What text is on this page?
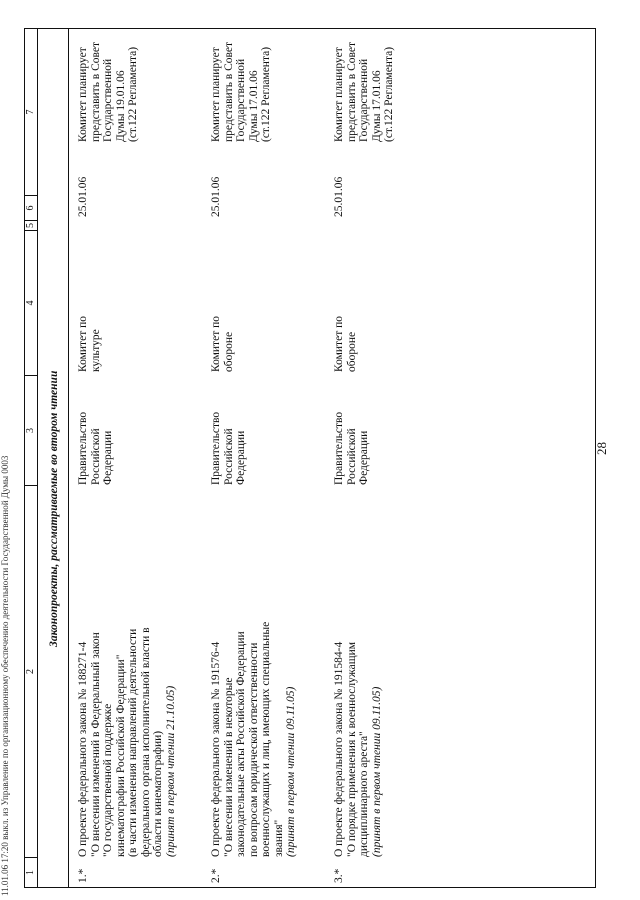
11.01.06 17:20 выкл. из Управление по организационному обеспечению деятельности Государственной Думы 0003
28
1
2
3
4
5
6
7
Законопроекты, рассматриваемые во втором чтении
1.*
О проекте федерального закона № 188271-4 "О внесении изменений в Федеральный закон "О государственной поддержке кинематографии Российской Федерации" (в части изменения направлений деятельности федерального органа исполнительной власти в области кинематографии) (принят в первом чтении 21.10.05)
Правительство Российской Федерации
Комитет по культуре
25.01.06
Комитет планирует представить в Совет Государственной Думы 19.01.06 (ст.122 Регламента)
2.*
О проекте федерального закона № 191576-4 "О внесении изменений в некоторые законодательные акты Российской Федерации по вопросам юридической ответственности военнослужащих и лиц, имеющих специальные звания" (принят в первом чтении 09.11.05)
Правительство Российской Федерации
Комитет по обороне
25.01.06
Комитет планирует представить в Совет Государственной Думы 17.01.06 (ст.122 Регламента)
3.*
О проекте федерального закона № 191584-4 "О порядке применения к военнослужащим дисциплинарного ареста" (принят в первом чтении 09.11.05)
Правительство Российской Федерации
Комитет по обороне
25.01.06
Комитет планирует представить в Совет Государственной Думы 17.01.06 (ст.122 Регламента)
